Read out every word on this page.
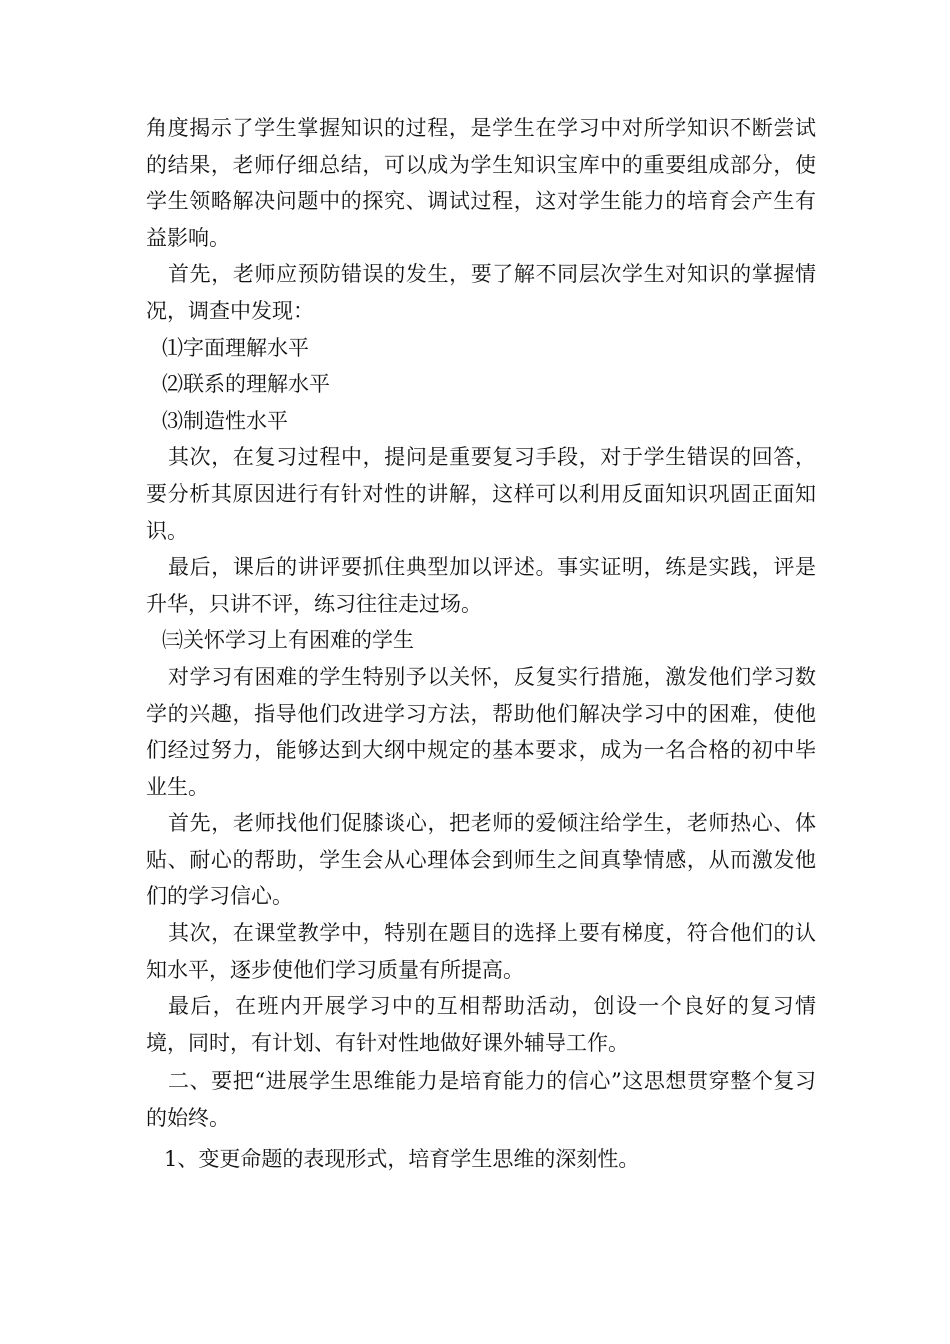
角度揭示了学生掌握知识的过程，是学生在学习中对所学知识不断尝试的结果，老师仔细总结，可以成为学生知识宝库中的重要组成部分，使学生领略解决问题中的探究、调试过程，这对学生能力的培育会产生有益影响。

首先，老师应预防错误的发生，要了解不同层次学生对知识的掌握情况，调查中发现：

⑴字面理解水平

⑵联系的理解水平

⑶制造性水平

其次，在复习过程中，提问是重要复习手段，对于学生错误的回答，要分析其原因进行有针对性的讲解，这样可以利用反面知识巩固正面知识。

最后，课后的讲评要抓住典型加以评述。事实证明，练是实践，评是升华，只讲不评，练习往往走过场。

㈢关怀学习上有困难的学生

对学习有困难的学生特别予以关怀，反复实行措施，激发他们学习数学的兴趣，指导他们改进学习方法，帮助他们解决学习中的困难，使他们经过努力，能够达到大纲中规定的基本要求，成为一名合格的初中毕业生。

首先，老师找他们促膝谈心，把老师的爱倾注给学生，老师热心、体贴、耐心的帮助，学生会从心理体会到师生之间真挚情感，从而激发他们的学习信心。

其次，在课堂教学中，特别在题目的选择上要有梯度，符合他们的认知水平，逐步使他们学习质量有所提高。

最后，在班内开展学习中的互相帮助活动，创设一个良好的复习情境，同时，有计划、有针对性地做好课外辅导工作。

二、要把“进展学生思维能力是培育能力的信心”这思想贯穿整个复习的始终。

1、变更命题的表现形式，培育学生思维的深刻性。
